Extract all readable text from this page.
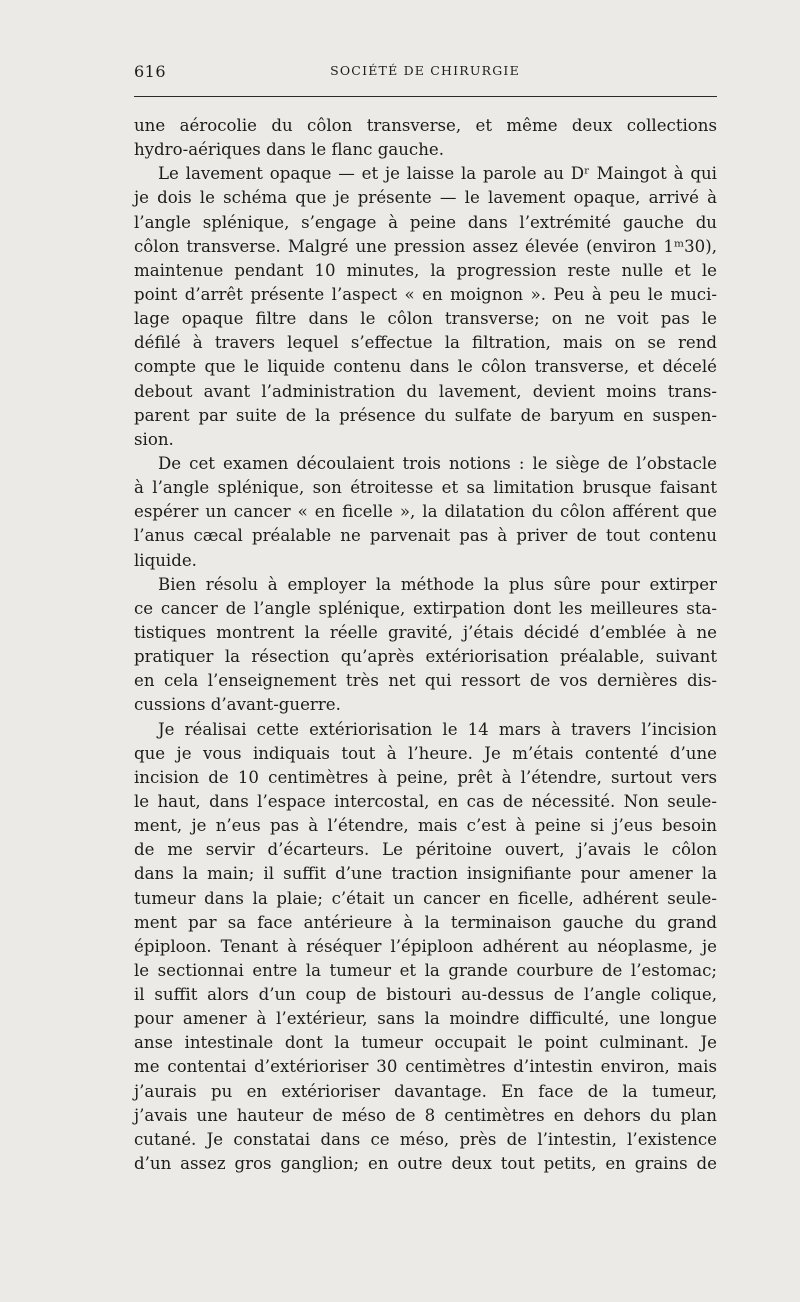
616	SOCIÉTÉ DE CHIRURGIE
une aérocolie du côlon transverse, et même deux collections
hydro-aériques dans le flanc gauche.
Le lavement opaque — et je laisse la parole au Dʳ Maingot à qui
je dois le schéma que je présente — le lavement opaque, arrivé à
l’angle splénique, s’engage à peine dans l’extrémité gauche du
côlon transverse. Malgré une pression assez élevée (environ 1ᵐ30),
maintenue pendant 10 minutes, la progression reste nulle et le
point d’arrêt présente l’aspect « en moignon ». Peu à peu le muci-
lage opaque filtre dans le côlon transverse; on ne voit pas le
défilé à travers lequel s’effectue la filtration, mais on se rend
compte que le liquide contenu dans le côlon transverse, et décelé
debout avant l’administration du lavement, devient moins trans-
parent par suite de la présence du sulfate de baryum en suspen-
sion.
De cet examen découlaient trois notions : le siège de l’obstacle
à l’angle splénique, son étroitesse et sa limitation brusque faisant
espérer un cancer « en ficelle », la dilatation du côlon afférent que
l’anus cæcal préalable ne parvenait pas à priver de tout contenu
liquide.
Bien résolu à employer la méthode la plus sûre pour extirper
ce cancer de l’angle splénique, extirpation dont les meilleures sta-
tistiques montrent la réelle gravité, j’étais décidé d’emblée à ne
pratiquer la résection qu’après extériorisation préalable, suivant
en cela l’enseignement très net qui ressort de vos dernières dis-
cussions d’avant-guerre.
Je réalisai cette extériorisation le 14 mars à travers l’incision
que je vous indiquais tout à l’heure. Je m’étais contenté d’une
incision de 10 centimètres à peine, prêt à l’étendre, surtout vers
le haut, dans l’espace intercostal, en cas de nécessité. Non seule-
ment, je n’eus pas à l’étendre, mais c’est à peine si j’eus besoin
de me servir d’écarteurs. Le péritoine ouvert, j’avais le côlon
dans la main; il suffit d’une traction insignifiante pour amener la
tumeur dans la plaie; c’était un cancer en ficelle, adhérent seule-
ment par sa face antérieure à la terminaison gauche du grand
épiploon. Tenant à réséquer l’épiploon adhérent au néoplasme, je
le sectionnai entre la tumeur et la grande courbure de l’estomac;
il suffit alors d’un coup de bistouri au-dessus de l’angle colique,
pour amener à l’extérieur, sans la moindre difficulté, une longue
anse intestinale dont la tumeur occupait le point culminant. Je
me contentai d’extérioriser 30 centimètres d’intestin environ, mais
j’aurais pu en extérioriser davantage. En face de la tumeur,
j’avais une hauteur de méso de 8 centimètres en dehors du plan
cutané. Je constatai dans ce méso, près de l’intestin, l’existence
d’un assez gros ganglion; en outre deux tout petits, en grains de
